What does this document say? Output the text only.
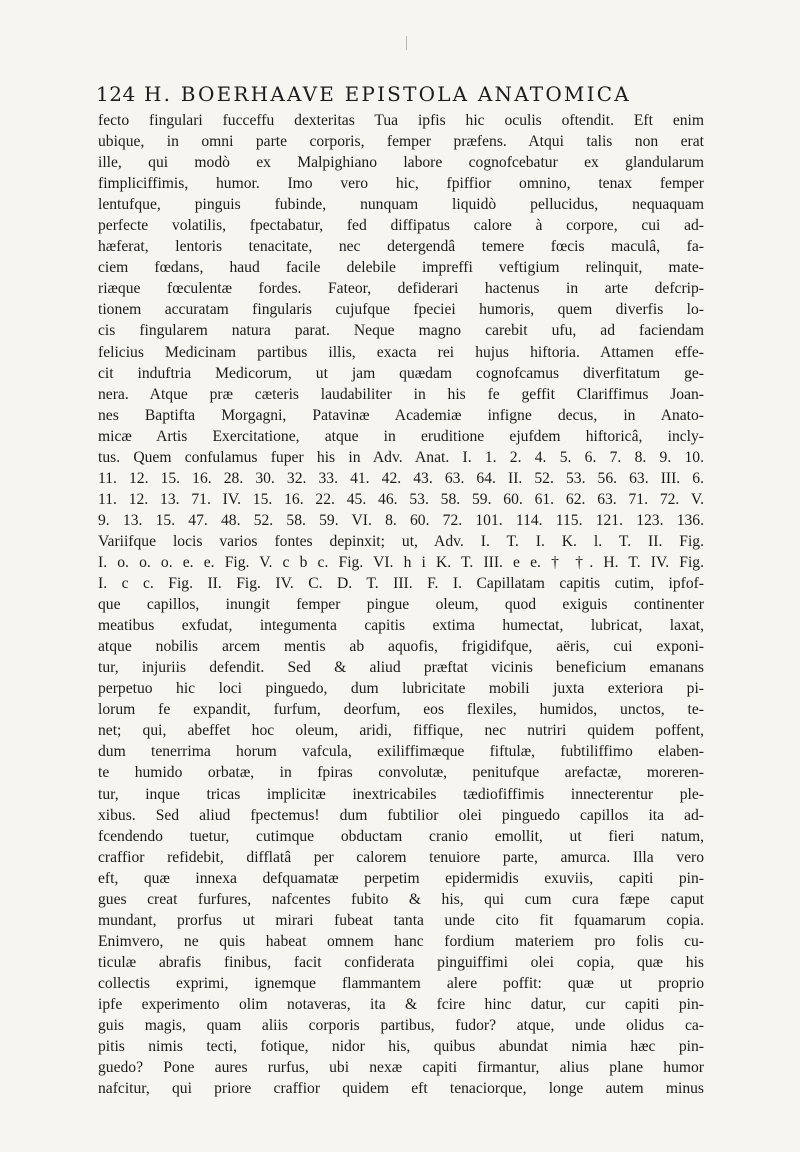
124 H. BOERHAAVE EPISTOLA ANATOMICA
fecto fingulari fucceffu dexteritas Tua ipfis hic oculis oftendit. Eft enim
ubique, in omni parte corporis, femper præfens. Atqui talis non erat
ille, qui modò ex Malpighiano labore cognofcebatur ex glandularum
fimpliciffimis, humor. Imo vero hic, fpiffior omnino, tenax femper
lentufque, pinguis fubinde, nunquam liquidò pellucidus, nequaquam
perfecte volatilis, fpectabatur, fed diffipatus calore à corpore, cui ad-
hæferat, lentoris tenacitate, nec detergendâ temere fœcis maculâ, fa-
ciem fœdans, haud facile delebile impreffi veftigium relinquit, mate-
riæque fœculentæ fordes. Fateor, defiderari hactenus in arte defcrip-
tionem accuratam fingularis cujufque fpeciei humoris, quem diverfis lo-
cis fingularem natura parat. Neque magno carebit ufu, ad faciendam
felicius Medicinam partibus illis, exacta rei hujus hiftoria. Attamen effe-
cit induftria Medicorum, ut jam quædam cognofcamus diverfitatum ge-
nera. Atque præ cæteris laudabiliter in his fe geffit Clariffimus Joan-
nes Baptifta Morgagni, Patavinæ Academiæ infigne decus, in Anato-
micæ Artis Exercitatione, atque in eruditione ejufdem hiftoricâ, incly-
tus. Quem confulamus fuper his in Adv. Anat. I. 1. 2. 4. 5. 6. 7. 8. 9. 10.
11. 12. 15. 16. 28. 30. 32. 33. 41. 42. 43. 63. 64. II. 52. 53. 56. 63. III. 6.
11. 12. 13. 71. IV. 15. 16. 22. 45. 46. 53. 58. 59. 60. 61. 62. 63. 71. 72. V.
9. 13. 15. 47. 48. 52. 58. 59. VI. 8. 60. 72. 101. 114. 115. 121. 123. 136.
Variifque locis varios fontes depinxit; ut, Adv. I. T. I. K. l. T. II. Fig.
I. o. o. o. e. e. Fig. V. c b c. Fig. VI. h i K. T. III. e e. † †. H. T. IV. Fig.
I. c c. Fig. II. Fig. IV. C. D. T. III. F. I. Capillatam capitis cutim, ipfof-
que capillos, inungit femper pingue oleum, quod exiguis continenter
meatibus exfudat, integumenta capitis extima humectat, lubricat, laxat,
atque nobilis arcem mentis ab aquofis, frigidifque, aëris, cui exponi-
tur, injuriis defendit. Sed & aliud præftat vicinis beneficium emanans
perpetuo hic loci pinguedo, dum lubricitate mobili juxta exteriora pi-
lorum fe expandit, furfum, deorfum, eos flexiles, humidos, unctos, te-
net; qui, abeffet hoc oleum, aridi, fiffique, nec nutriri quidem poffent,
dum tenerrima horum vafcula, exiliffimæque fiftulæ, fubtiliffimo elaben-
te humido orbatæ, in fpiras convolutæ, penitufque arefactæ, moreren-
tur, inque tricas implicitæ inextricabiles tædiofiffimis innecterentur ple-
xibus. Sed aliud fpectemus! dum fubtilior olei pinguedo capillos ita ad-
fcendendo tuetur, cutimque obductam cranio emollit, ut fieri natum,
craffior refidebit, difflatâ per calorem tenuiore parte, amurca. Illa vero
eft, quæ innexa defquamatæ perpetim epidermidis exuviis, capiti pin-
gues creat furfures, nafcentes fubito & his, qui cum cura fæpe caput
mundant, prorfus ut mirari fubeat tanta unde cito fit fquamarum copia.
Enimvero, ne quis habeat omnem hanc fordium materiem pro folis cu-
ticulæ abrafis finibus, facit confiderata pinguiffimi olei copia, quæ his
collectis exprimi, ignemque flammantem alere poffit: quæ ut proprio
ipfe experimento olim notaveras, ita & fcire hinc datur, cur capiti pin-
guis magis, quam aliis corporis partibus, fudor? atque, unde olidus ca-
pitis nimis tecti, fotique, nidor his, quibus abundat nimia hæc pin-
guedo? Pone aures rurfus, ubi nexæ capiti firmantur, alius plane humor
nafcitur, qui priore craffior quidem eft tenaciorque, longe autem minus
